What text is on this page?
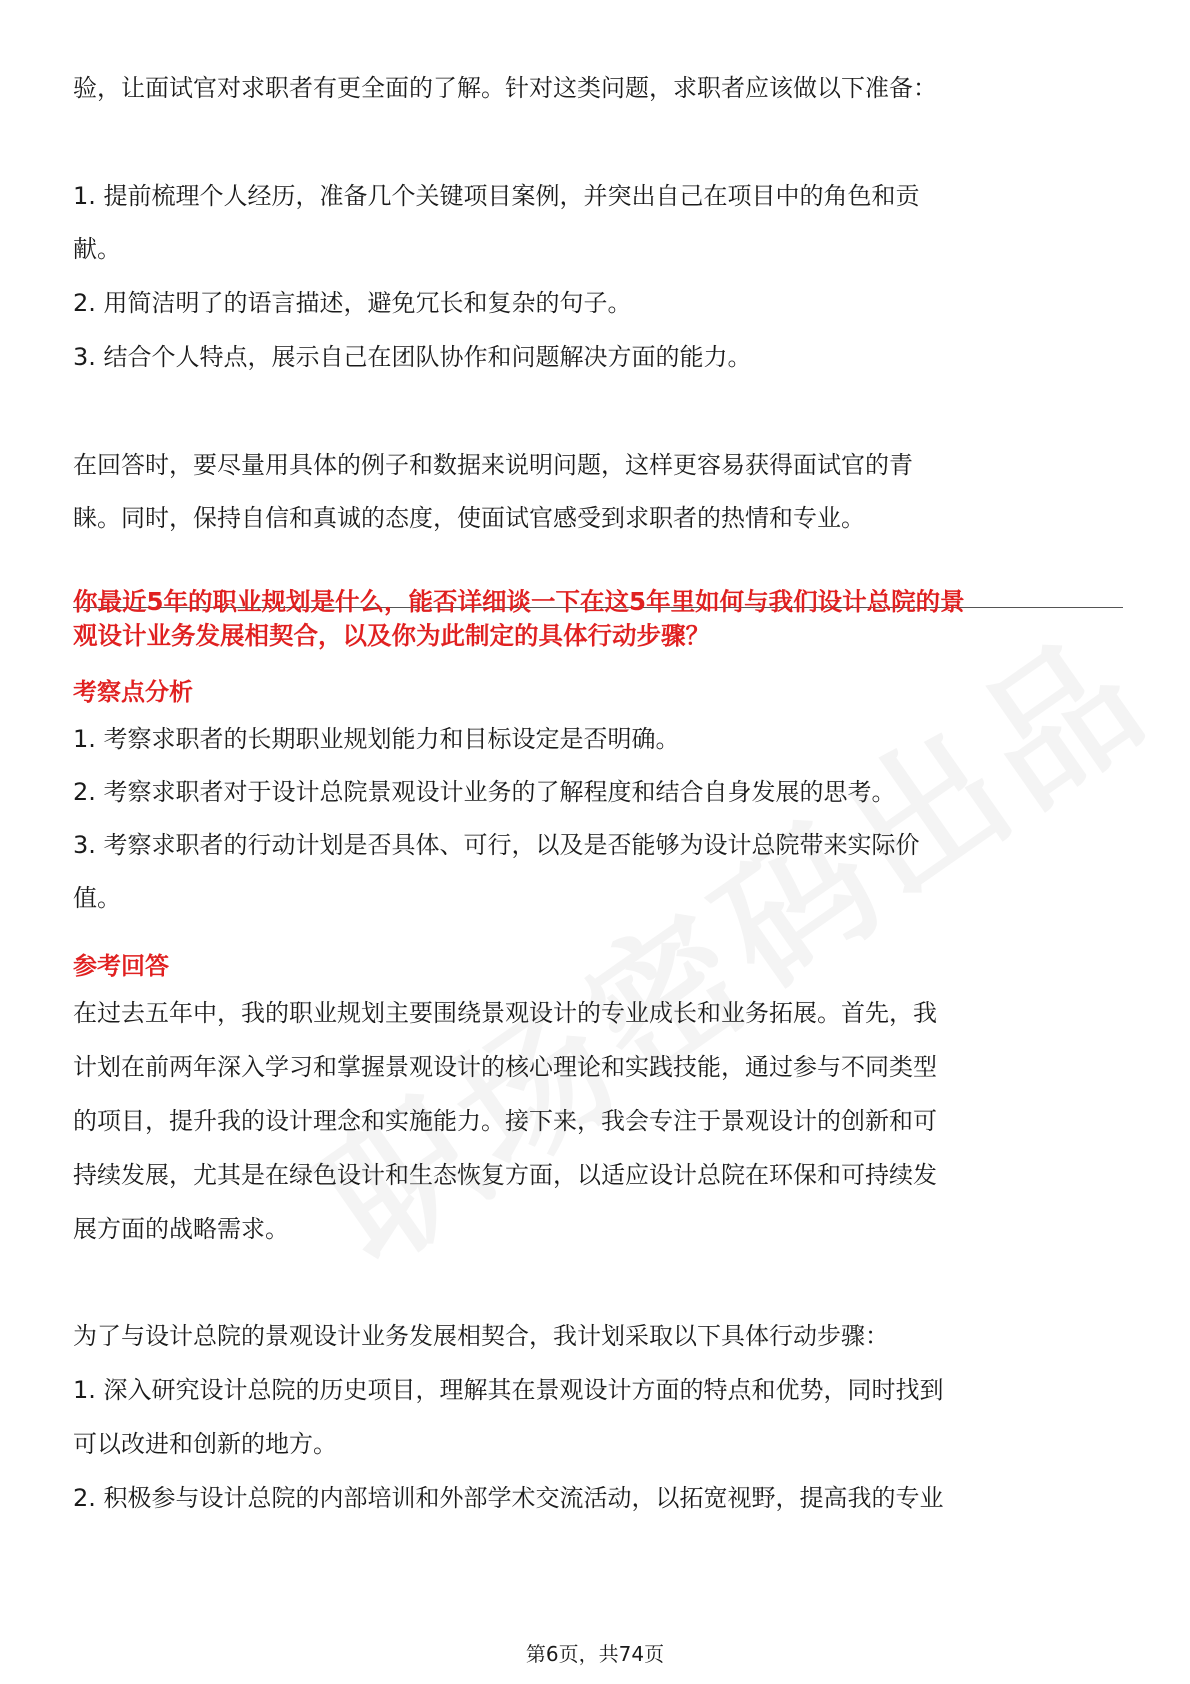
验，让面试官对求职者有更全面的了解。针对这类问题，求职者应该做以下准备：
1. 提前梳理个人经历，准备几个关键项目案例，并突出自己在项目中的角色和贡
献。
2. 用简洁明了的语言描述，避免冗长和复杂的句子。
3. 结合个人特点，展示自己在团队协作和问题解决方面的能力。
在回答时，要尽量用具体的例子和数据来说明问题，这样更容易获得面试官的青
睐。同时，保持自信和真诚的态度，使面试官感受到求职者的热情和专业。
你最近5年的职业规划是什么，能否详细谈一下在这5年里如何与我们设计总院的景
观设计业务发展相契合，以及你为此制定的具体行动步骤？
考察点分析
1. 考察求职者的长期职业规划能力和目标设定是否明确。
2. 考察求职者对于设计总院景观设计业务的了解程度和结合自身发展的思考。
3. 考察求职者的行动计划是否具体、可行，以及是否能够为设计总院带来实际价
值。
参考回答
在过去五年中，我的职业规划主要围绕景观设计的专业成长和业务拓展。首先，我
计划在前两年深入学习和掌握景观设计的核心理论和实践技能，通过参与不同类型
的项目，提升我的设计理念和实施能力。接下来，我会专注于景观设计的创新和可
持续发展，尤其是在绿色设计和生态恢复方面，以适应设计总院在环保和可持续发
展方面的战略需求。
为了与设计总院的景观设计业务发展相契合，我计划采取以下具体行动步骤：
1. 深入研究设计总院的历史项目，理解其在景观设计方面的特点和优势，同时找到
可以改进和创新的地方。
2. 积极参与设计总院的内部培训和外部学术交流活动，以拓宽视野，提高我的专业
第6页，共74页
